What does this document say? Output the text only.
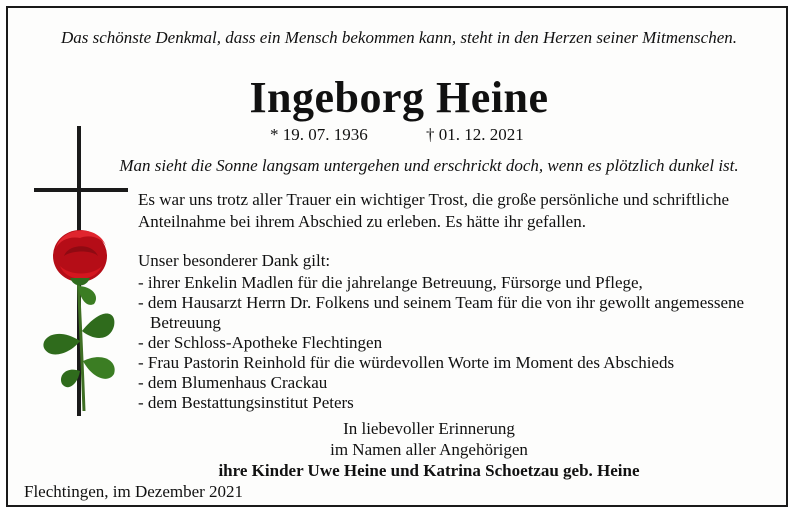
Das schönste Denkmal, dass ein Mensch bekommen kann, steht in den Herzen seiner Mitmenschen.
Ingeborg Heine
* 19. 07. 1936	† 01. 12. 2021
Man sieht die Sonne langsam untergehen und erschrickt doch, wenn es plötzlich dunkel ist.
Es war uns trotz aller Trauer ein wichtiger Trost, die große persönliche und schriftliche Anteilnahme bei ihrem Abschied zu erleben. Es hätte ihr gefallen.
Unser besonderer Dank gilt:
- ihrer Enkelin Madlen für die jahrelange Betreuung, Fürsorge und Pflege,
- dem Hausarzt Herrn Dr. Folkens und seinem Team für die von ihr gewollt angemessene Betreuung
- der Schloss-Apotheke Flechtingen
- Frau Pastorin Reinhold für die würdevollen Worte im Moment des Abschieds
- dem Blumenhaus Crackau
- dem Bestattungsinstitut Peters
In liebevoller Erinnerung
im Namen aller Angehörigen
ihre Kinder Uwe Heine und Katrina Schoetzau geb. Heine
Flechtingen, im Dezember 2021
